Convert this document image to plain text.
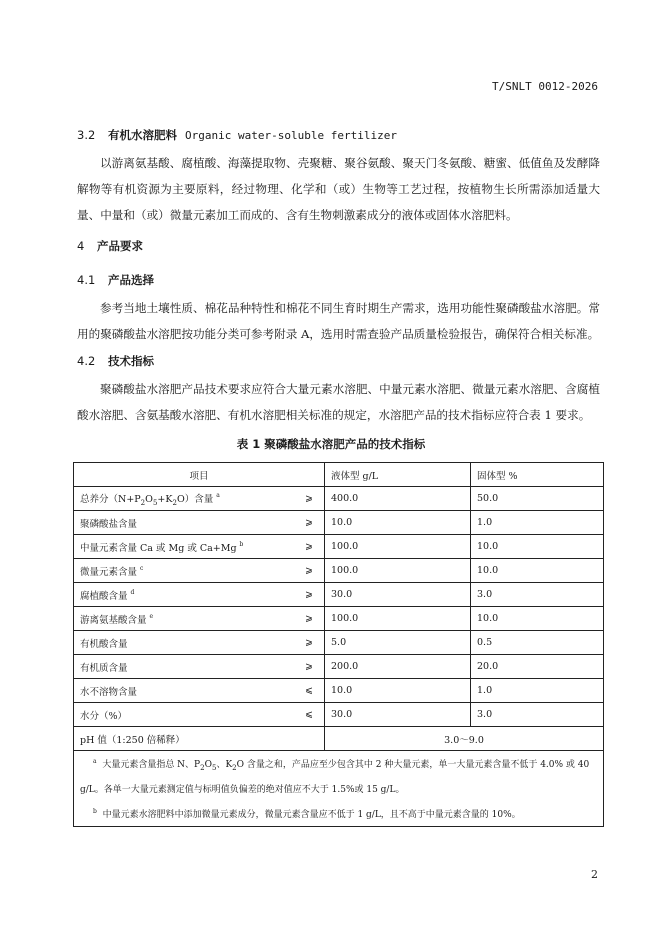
T/SNLT 0012-2026
3.2 有机水溶肥料 Organic water-soluble fertilizer
以游离氨基酸、腐植酸、海藻提取物、壳聚糖、聚谷氨酸、聚天门冬氨酸、糖蜜、低值鱼及发酵降解物等有机资源为主要原料，经过物理、化学和（或）生物等工艺过程，按植物生长所需添加适量大量、中量和（或）微量元素加工而成的、含有生物刺激素成分的液体或固体水溶肥料。
4 产品要求
4.1 产品选择
参考当地土壤性质、棉花品种特性和棉花不同生育时期生产需求，选用功能性聚磷酸盐水溶肥。常用的聚磷酸盐水溶肥按功能分类可参考附录 A，选用时需查验产品质量检验报告，确保符合相关标准。
4.2 技术指标
聚磷酸盐水溶肥产品技术要求应符合大量元素水溶肥、中量元素水溶肥、微量元素水溶肥、含腐植酸水溶肥、含氨基酸水溶肥、有机水溶肥相关标准的规定，水溶肥产品的技术指标应符合表 1 要求。
表 1 聚磷酸盐水溶肥产品的技术指标
项目		液体型 g/L	固体型 %
总养分$(N+P_2O_5+K_2O)$含量 $^a$	⩾	400.0	50.0
聚磷酸盐含量	⩾	10.0	1.0
中量元素含量 Ca 或 Mg 或 Ca+Mg $^b$	⩾	100.0	10.0
微量元素含量 $^c$	⩾	100.0	10.0
腐植酸含量 $^d$	⩾	30.0	3.0
游离氨基酸含量 $^e$	⩾	100.0	10.0
有机酸含量	⩾	5.0	0.5
有机质含量	⩾	200.0	20.0
水不溶物含量	⩽	10.0	1.0
水分（%）	⩽	30.0	3.0
pH 值（1:250 倍稀释）		3.0～9.0	

$^a$ 大量元素含量指总 N、$P_2O_5$、$K_2O$ 含量之和，产品应至少包含其中 2 种大量元素，单一大量元素含量不低于 4.0% 或 40 g/L。各单一大量元素测定值与标明值负偏差的绝对值应不大于 1.5%或 15 g/L。
$^b$ 中量元素水溶肥料中添加微量元素成分，微量元素含量应不低于 1 g/L，且不高于中量元素含量的 10%。			
2
